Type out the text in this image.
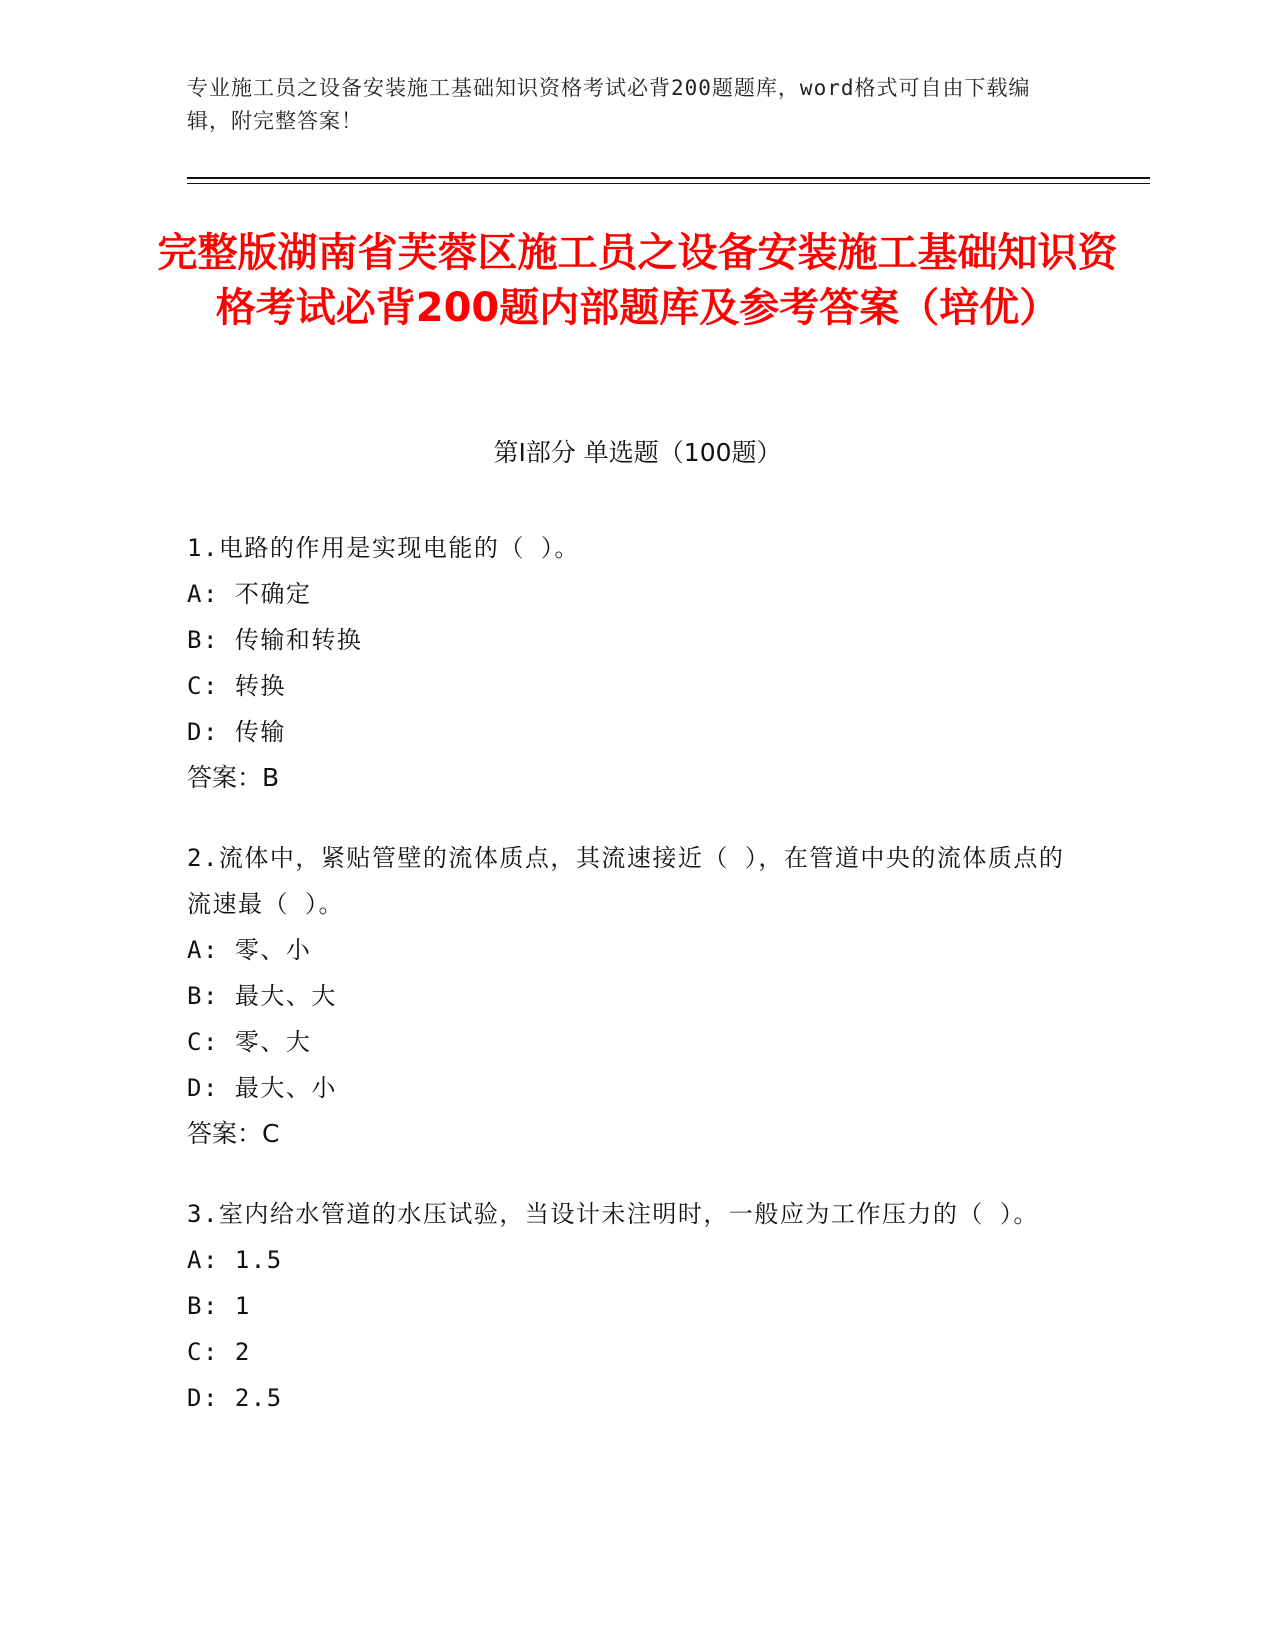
专业施工员之设备安装施工基础知识资格考试必背200题题库，word格式可自由下载编辑，附完整答案！
完整版湖南省芙蓉区施工员之设备安装施工基础知识资格考试必背200题内部题库及参考答案（培优）
第Ⅰ部分 单选题（100题）
1.电路的作用是实现电能的（ ）。
A: 不确定
B: 传输和转换
C: 转换
D: 传输
答案：B
2.流体中，紧贴管壁的流体质点，其流速接近（ ），在管道中央的流体质点的流速最（ ）。
A: 零、小
B: 最大、大
C: 零、大
D: 最大、小
答案：C
3.室内给水管道的水压试验，当设计未注明时，一般应为工作压力的（ ）。
A: 1.5
B: 1
C: 2
D: 2.5
